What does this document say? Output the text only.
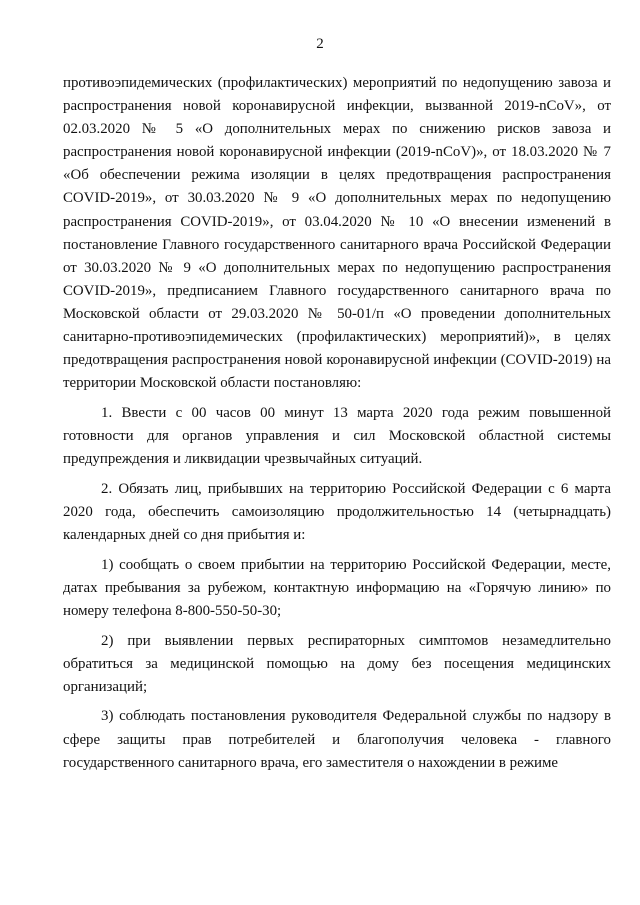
2

противоэпидемических (профилактических) мероприятий по недопущению завоза и распространения новой коронавирусной инфекции, вызванной 2019-nCoV», от 02.03.2020 № 5 «О дополнительных мерах по снижению рисков завоза и распространения новой коронавирусной инфекции (2019-nCoV)», от 18.03.2020 № 7 «Об обеспечении режима изоляции в целях предотвращения распространения COVID-2019», от 30.03.2020 № 9 «О дополнительных мерах по недопущению распространения COVID-2019», от 03.04.2020 № 10 «О внесении изменений в постановление Главного государственного санитарного врача Российской Федерации от 30.03.2020 № 9 «О дополнительных мерах по недопущению распространения COVID-2019», предписанием Главного государственного санитарного врача по Московской области от 29.03.2020 № 50-01/п «О проведении дополнительных санитарно-противоэпидемических (профилактических) мероприятий)», в целях предотвращения распространения новой коронавирусной инфекции (COVID-2019) на территории Московской области постановляю:

1. Ввести с 00 часов 00 минут 13 марта 2020 года режим повышенной готовности для органов управления и сил Московской областной системы предупреждения и ликвидации чрезвычайных ситуаций.

2. Обязать лиц, прибывших на территорию Российской Федерации с 6 марта 2020 года, обеспечить самоизоляцию продолжительностью 14 (четырнадцать) календарных дней со дня прибытия и:

1) сообщать о своем прибытии на территорию Российской Федерации, месте, датах пребывания за рубежом, контактную информацию на «Горячую линию» по номеру телефона 8-800-550-50-30;

2) при выявлении первых респираторных симптомов незамедлительно обратиться за медицинской помощью на дому без посещения медицинских организаций;

3) соблюдать постановления руководителя Федеральной службы по надзору в сфере защиты прав потребителей и благополучия человека - главного государственного санитарного врача, его заместителя о нахождении в режиме
